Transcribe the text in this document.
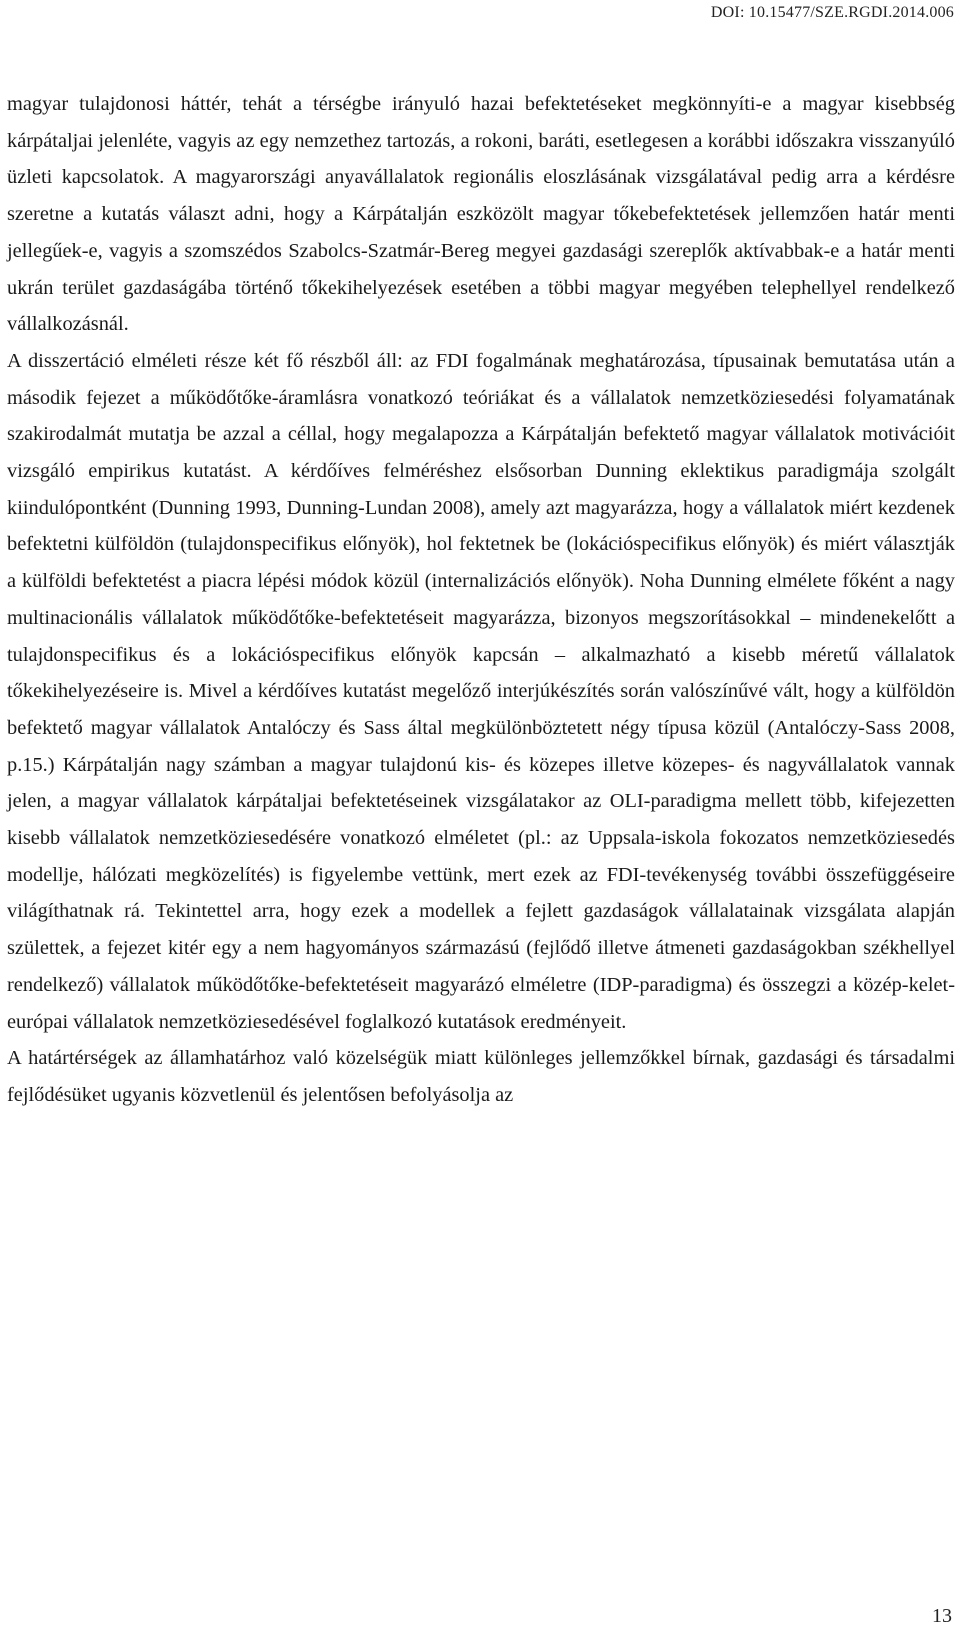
DOI: 10.15477/SZE.RGDI.2014.006

magyar tulajdonosi háttér, tehát a térségbe irányuló hazai befektetéseket megkönnyíti-e a magyar kisebbség kárpátaljai jelenléte, vagyis az egy nemzethez tartozás, a rokoni, baráti, esetlegesen a korábbi időszakra visszanyúló üzleti kapcsolatok. A magyarországi anyavállalatok regionális eloszlásának vizsgálatával pedig arra a kérdésre szeretne a kutatás választ adni, hogy a Kárpátalján eszközölt magyar tőkebefektetések jellemzően határ menti jellegűek-e, vagyis a szomszédos Szabolcs-Szatmár-Bereg megyei gazdasági szereplők aktívabbak-e a határ menti ukrán terület gazdaságába történő tőkekihelyezések esetében a többi magyar megyében telephellyel rendelkező vállalkozásnál.

A disszertáció elméleti része két fő részből áll: az FDI fogalmának meghatározása, típusainak bemutatása után a második fejezet a működőtőke-áramlásra vonatkozó teóriákat és a vállalatok nemzetköziesedési folyamatának szakirodalmát mutatja be azzal a céllal, hogy megalapozza a Kárpátalján befektető magyar vállalatok motivációit vizsgáló empirikus kutatást. A kérdőíves felméréshez elsősorban Dunning eklektikus paradigmája szolgált kiindulópontként (Dunning 1993, Dunning-Lundan 2008), amely azt magyarázza, hogy a vállalatok miért kezdenek befektetni külföldön (tulajdonspecifikus előnyök), hol fektetnek be (lokációspecifikus előnyök) és miért választják a külföldi befektetést a piacra lépési módok közül (internalizációs előnyök). Noha Dunning elmélete főként a nagy multinacionális vállalatok működőtőke-befektetéseit magyarázza, bizonyos megszorításokkal – mindenekelőtt a tulajdonspecifikus és a lokációspecifikus előnyök kapcsán – alkalmazható a kisebb méretű vállalatok tőkekihelyezéseire is. Mivel a kérdőíves kutatást megelőző interjúkészítés során valószínűvé vált, hogy a külföldön befektető magyar vállalatok Antalóczy és Sass által megkülönböztetett négy típusa közül (Antalóczy-Sass 2008, p.15.) Kárpátalján nagy számban a magyar tulajdonú kis- és közepes illetve közepes- és nagyvállalatok vannak jelen, a magyar vállalatok kárpátaljai befektetéseinek vizsgálatakor az OLI-paradigma mellett több, kifejezetten kisebb vállalatok nemzetköziesedésére vonatkozó elméletet (pl.: az Uppsala-iskola fokozatos nemzetköziesedés modellje, hálózati megközelítés) is figyelembe vettünk, mert ezek az FDI-tevékenység további összefüggéseire világíthatnak rá. Tekintettel arra, hogy ezek a modellek a fejlett gazdaságok vállalatainak vizsgálata alapján születtek, a fejezet kitér egy a nem hagyományos származású (fejlődő illetve átmeneti gazdaságokban székhellyel rendelkező) vállalatok működőtőke-befektetéseit magyarázó elméletre (IDP-paradigma) és összegzi a közép-kelet-európai vállalatok nemzetköziesedésével foglalkozó kutatások eredményeit.

A határtérségek az államhatárhoz való közelségük miatt különleges jellemzőkkel bírnak, gazdasági és társadalmi fejlődésüket ugyanis közvetlenül és jelentősen befolyásolja az

13
